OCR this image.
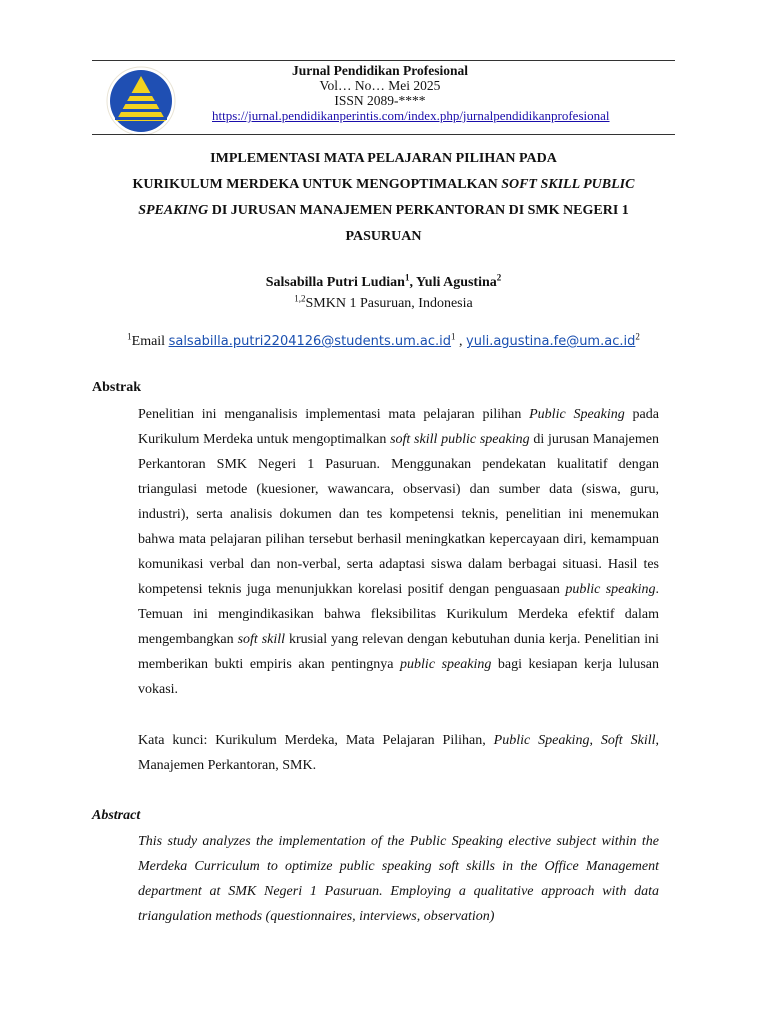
Jurnal Pendidikan Profesional
Vol… No… Mei 2025
ISSN 2089-****
https://jurnal.pendidikanperintis.com/index.php/jurnalpendidikanprofesional
IMPLEMENTASI MATA PELAJARAN PILIHAN PADA
KURIKULUM MERDEKA UNTUK MENGOPTIMALKAN SOFT SKILL PUBLIC
SPEAKING DI JURUSAN MANAJEMEN PERKANTORAN DI SMK NEGERI 1
PASURUAN
Salsabilla Putri Ludian$^1$, Yuli Agustina$^2$
$^{1,2}$SMKN 1 Pasuruan, Indonesia
$^1$Email $salsabilla.putri2204126@students.um.ac.id^1$ , $yuli.agustina.fe@um.ac.id^2$
Abstrak
Penelitian ini menganalisis implementasi mata pelajaran pilihan Public Speaking pada Kurikulum Merdeka untuk mengoptimalkan soft skill public speaking di jurusan Manajemen Perkantoran SMK Negeri 1 Pasuruan. Menggunakan pendekatan kualitatif dengan triangulasi metode (kuesioner, wawancara, observasi) dan sumber data (siswa, guru, industri), serta analisis dokumen dan tes kompetensi teknis, penelitian ini menemukan bahwa mata pelajaran pilihan tersebut berhasil meningkatkan kepercayaan diri, kemampuan komunikasi verbal dan non-verbal, serta adaptasi siswa dalam berbagai situasi. Hasil tes kompetensi teknis juga menunjukkan korelasi positif dengan penguasaan public speaking. Temuan ini mengindikasikan bahwa fleksibilitas Kurikulum Merdeka efektif dalam mengembangkan soft skill krusial yang relevan dengan kebutuhan dunia kerja. Penelitian ini memberikan bukti empiris akan pentingnya public speaking bagi kesiapan kerja lulusan vokasi.
Kata kunci: Kurikulum Merdeka, Mata Pelajaran Pilihan, Public Speaking, Soft Skill, Manajemen Perkantoran, SMK.
Abstract
This study analyzes the implementation of the Public Speaking elective subject within the Merdeka Curriculum to optimize public speaking soft skills in the Office Management department at SMK Negeri 1 Pasuruan. Employing a qualitative approach with data triangulation methods (questionnaires, interviews, observation)
